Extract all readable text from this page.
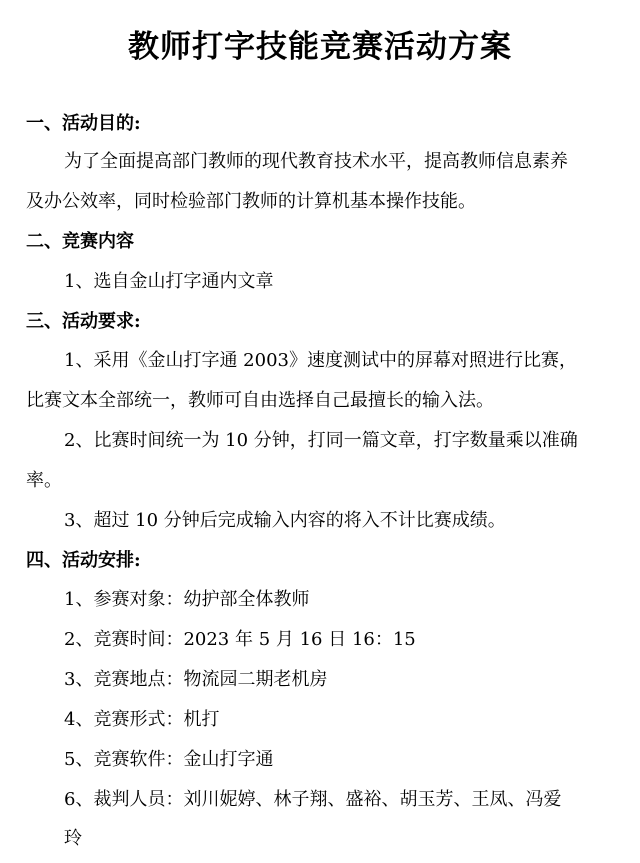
教师打字技能竞赛活动方案
一、活动目的:
为了全面提高部门教师的现代教育技术水平，提高教师信息素养
及办公效率，同时检验部门教师的计算机基本操作技能。
二、竞赛内容
1、选自金山打字通内文章
三、活动要求:
1、采用《金山打字通 2003》速度测试中的屏幕对照进行比赛，
比赛文本全部统一，教师可自由选择自己最擅长的输入法。
2、比赛时间统一为 10 分钟，打同一篇文章，打字数量乘以准确
率。
3、超过 10 分钟后完成输入内容的将入不计比赛成绩。
四、活动安排:
1、参赛对象：幼护部全体教师
2、竞赛时间：2023 年 5 月 16 日 16：15
3、竞赛地点：物流园二期老机房
4、竞赛形式：机打
5、竞赛软件：金山打字通
6、裁判人员：刘川妮婷、林子翔、盛裕、胡玉芳、王凤、冯爱
玲
